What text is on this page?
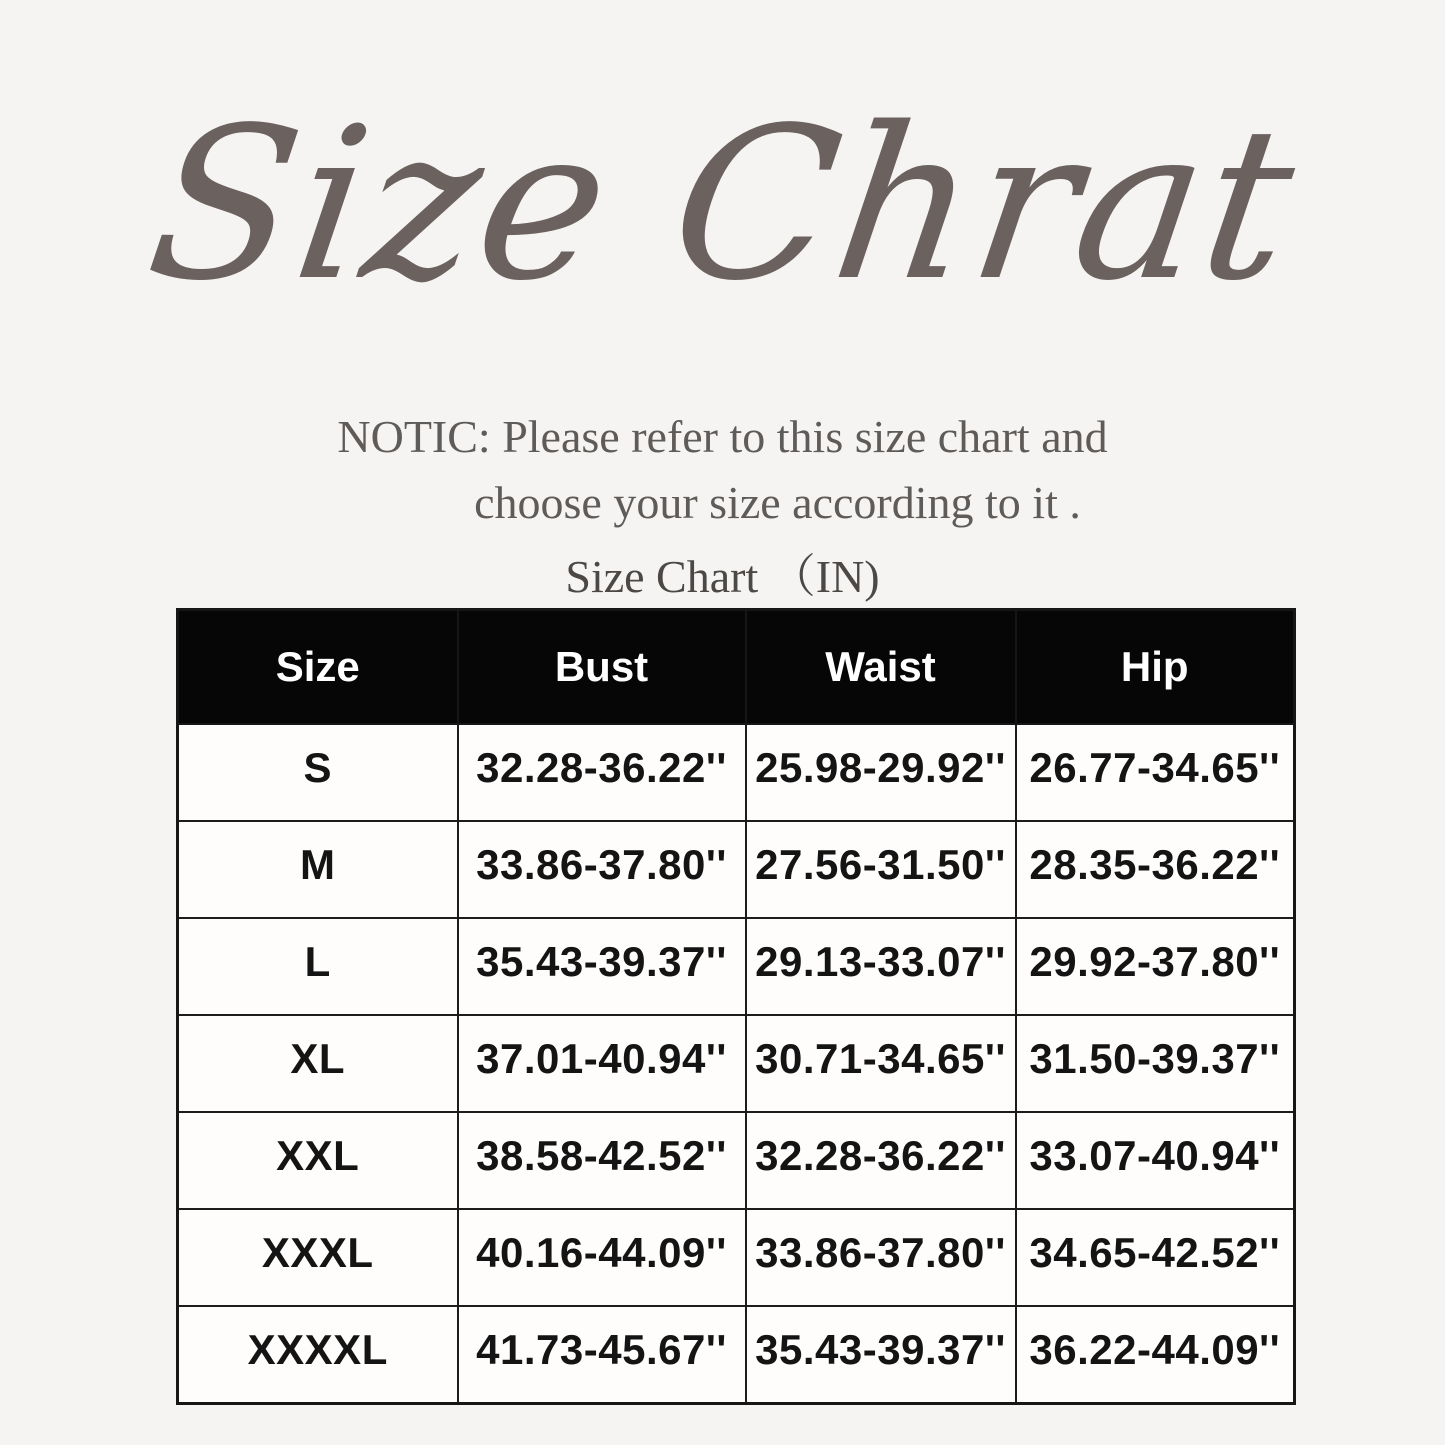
Size Chrat
NOTIC: Please refer to this size chart and
choose your size according to it .
Size Chart （IN)
Size	Bust	Waist	Hip
S	32.28-36.22''	25.98-29.92''	26.77-34.65''
M	33.86-37.80''	27.56-31.50''	28.35-36.22''
L	35.43-39.37''	29.13-33.07''	29.92-37.80''
XL	37.01-40.94''	30.71-34.65''	31.50-39.37''
XXL	38.58-42.52''	32.28-36.22''	33.07-40.94''
XXXL	40.16-44.09''	33.86-37.80''	34.65-42.52''
XXXXL	41.73-45.67''	35.43-39.37''	36.22-44.09''
